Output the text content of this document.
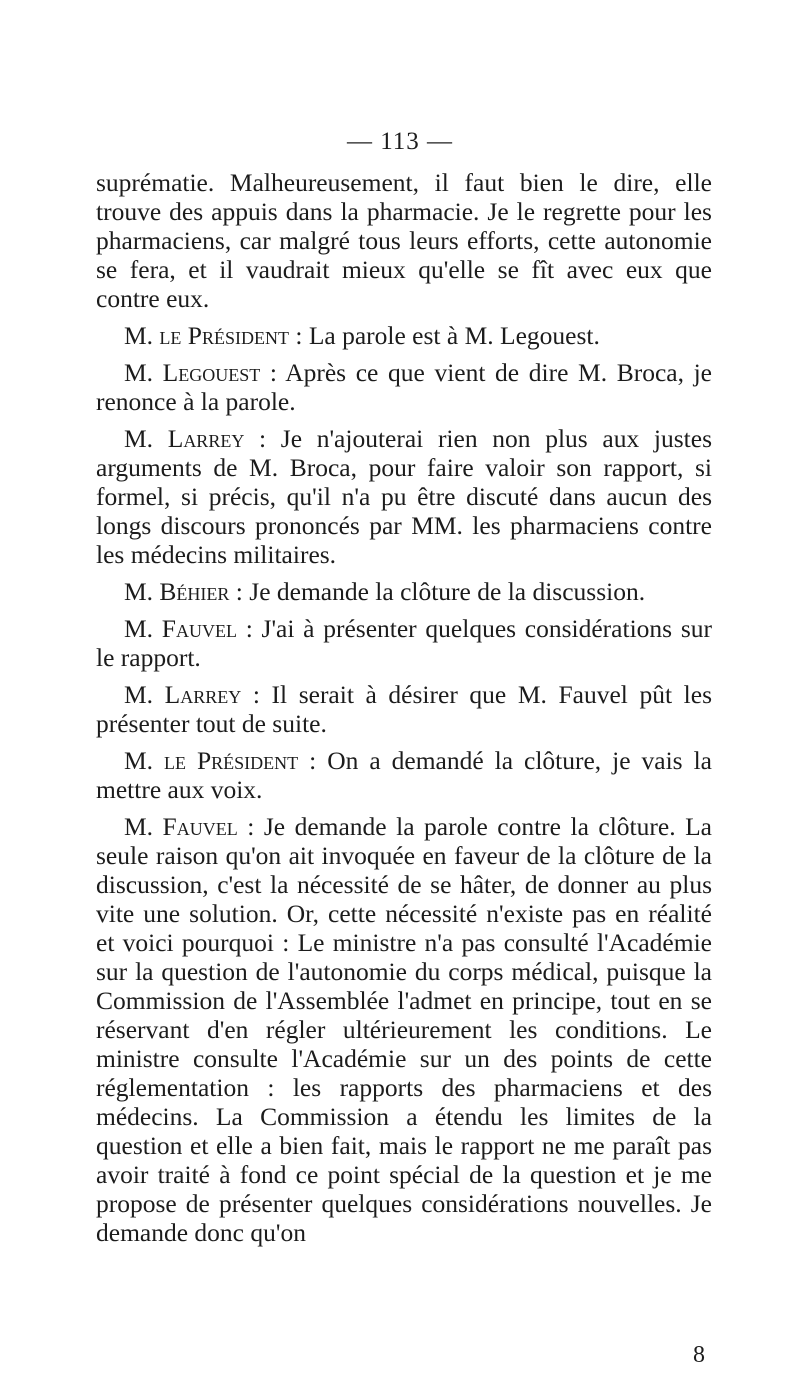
— 113 —

suprématie. Malheureusement, il faut bien le dire, elle trouve des appuis dans la pharmacie. Je le regrette pour les pharmaciens, car malgré tous leurs efforts, cette autonomie se fera, et il vaudrait mieux qu'elle se fît avec eux que contre eux.

M. le Président : La parole est à M. Legouest.

M. Legouest : Après ce que vient de dire M. Broca, je renonce à la parole.

M. Larrey : Je n'ajouterai rien non plus aux justes arguments de M. Broca, pour faire valoir son rapport, si formel, si précis, qu'il n'a pu être discuté dans aucun des longs discours prononcés par MM. les pharmaciens contre les médecins militaires.

M. Béhier : Je demande la clôture de la discussion.

M. Fauvel : J'ai à présenter quelques considérations sur le rapport.

M. Larrey : Il serait à désirer que M. Fauvel pût les présenter tout de suite.

M. le Président : On a demandé la clôture, je vais la mettre aux voix.

M. Fauvel : Je demande la parole contre la clôture. La seule raison qu'on ait invoquée en faveur de la clôture de la discussion, c'est la nécessité de se hâter, de donner au plus vite une solution. Or, cette nécessité n'existe pas en réalité et voici pourquoi : Le ministre n'a pas consulté l'Académie sur la question de l'autonomie du corps médical, puisque la Commission de l'Assemblée l'admet en principe, tout en se réservant d'en régler ultérieurement les conditions. Le ministre consulte l'Académie sur un des points de cette réglementation : les rapports des pharmaciens et des médecins. La Commission a étendu les limites de la question et elle a bien fait, mais le rapport ne me paraît pas avoir traité à fond ce point spécial de la question et je me propose de présenter quelques considérations nouvelles. Je demande donc qu'on

8
